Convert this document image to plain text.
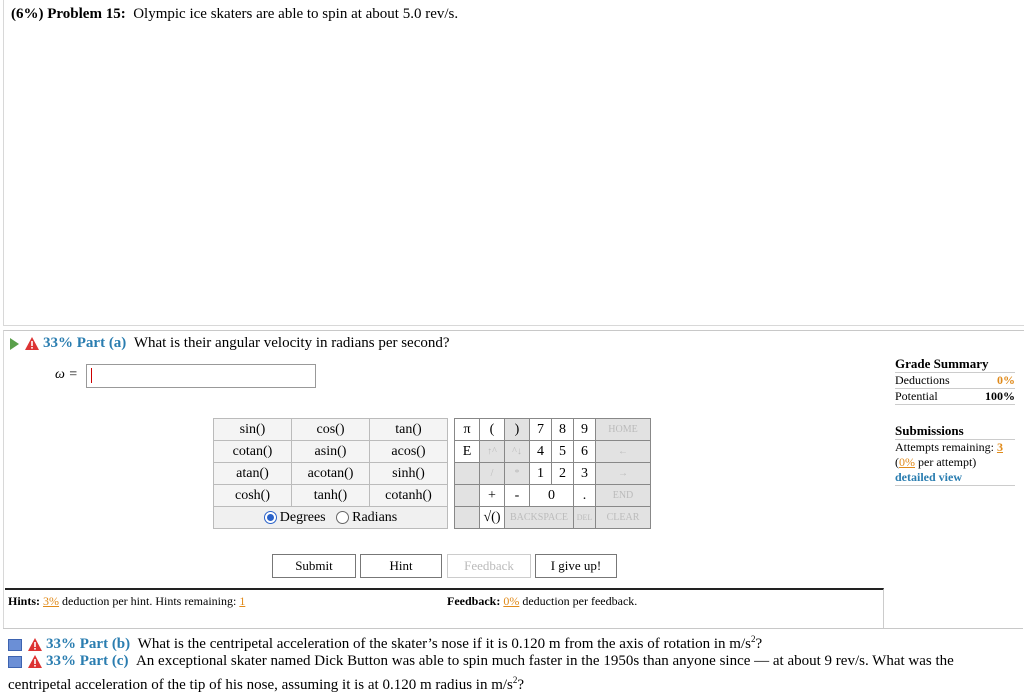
(6%) Problem 15: Olympic ice skaters are able to spin at about 5.0 rev/s.
33% Part (a) What is their angular velocity in radians per second?
ω =
sin()	cos()	tan()
cotan()	asin()	acos()
atan()	acotan()	sinh()
cosh()	tanh()	cotanh()
Degrees Radians		
π	(	)	7	8	9	HOME
E	↑^	^↓	4	5	6	←
	/	*	1	2	3	→
	+	-	0		.	END
	√()	BACKSPACE			DEL	CLEAR
Submit	Hint	Feedback	I give up!
Hints: 3% deduction per hint. Hints remaining: 1	Feedback: 0% deduction per feedback.
Grade Summary
Deductions	0%
Potential	100%
Submissions
Attempts remaining: 3
(0% per attempt)
detailed view
33% Part (b) What is the centripetal acceleration of the skater’s nose if it is 0.120 m from the axis of rotation in $m/s^2$?
33% Part (c) An exceptional skater named Dick Button was able to spin much faster in the 1950s than anyone since — at about 9 rev/s. What was the
centripetal acceleration of the tip of his nose, assuming it is at 0.120 m radius in $m/s^2$?
